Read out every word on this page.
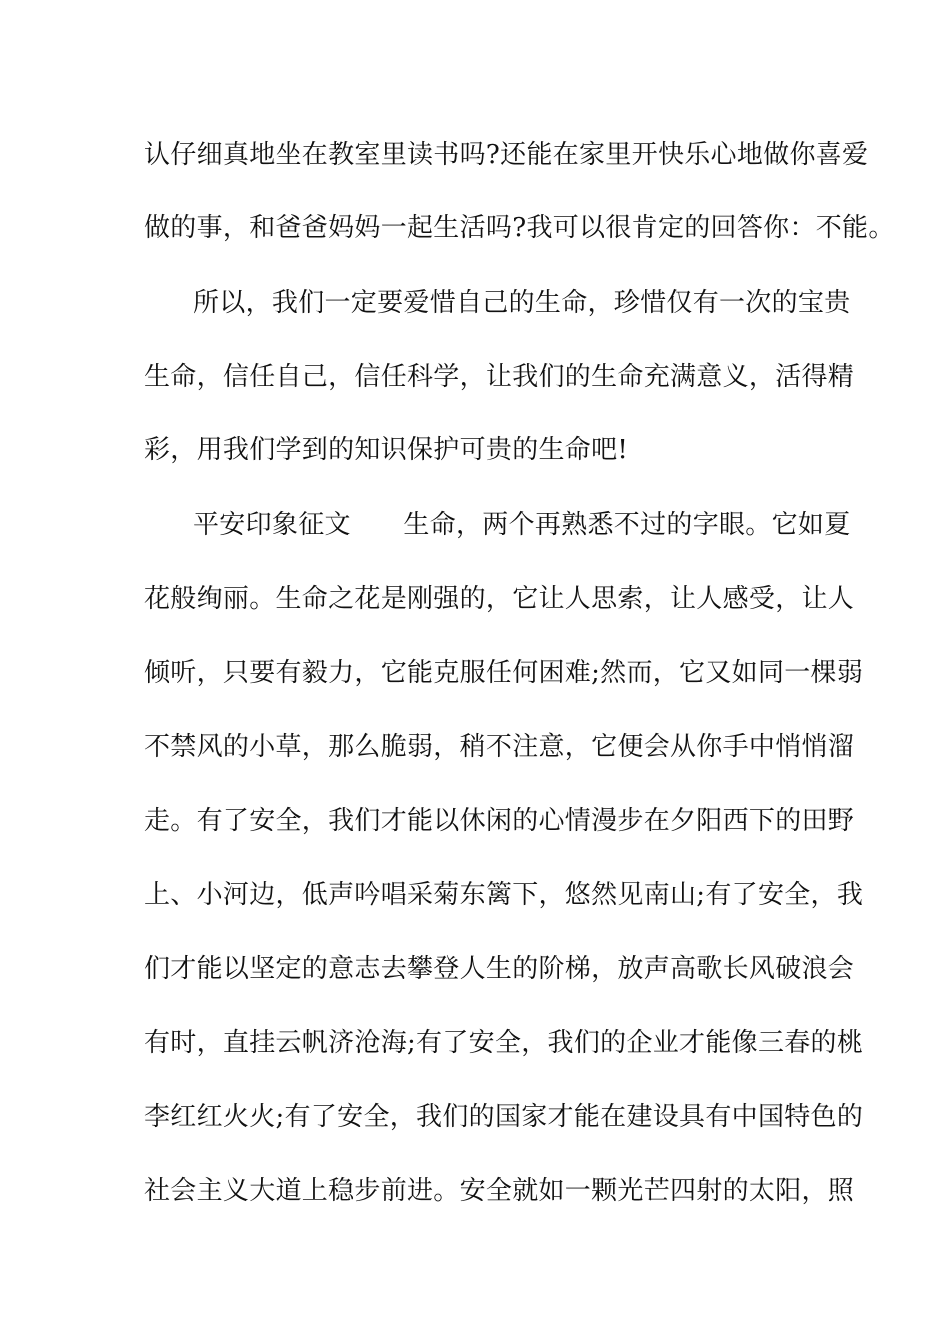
认仔细真地坐在教室里读书吗?还能在家里开快乐心地做你喜爱
做的事，和爸爸妈妈一起生活吗?我可以很肯定的回答你：不能。
所以，我们一定要爱惜自己的生命，珍惜仅有一次的宝贵
生命，信任自己，信任科学，让我们的生命充满意义，活得精
彩，用我们学到的知识保护可贵的生命吧!
平安印象征文　　生命，两个再熟悉不过的字眼。它如夏
花般绚丽。生命之花是刚强的，它让人思索，让人感受，让人
倾听，只要有毅力，它能克服任何困难;然而，它又如同一棵弱
不禁风的小草，那么脆弱，稍不注意，它便会从你手中悄悄溜
走。有了安全，我们才能以休闲的心情漫步在夕阳西下的田野
上、小河边，低声吟唱采菊东篱下，悠然见南山;有了安全，我
们才能以坚定的意志去攀登人生的阶梯，放声高歌长风破浪会
有时，直挂云帆济沧海;有了安全，我们的企业才能像三春的桃
李红红火火;有了安全，我们的国家才能在建设具有中国特色的
社会主义大道上稳步前进。安全就如一颗光芒四射的太阳，照
